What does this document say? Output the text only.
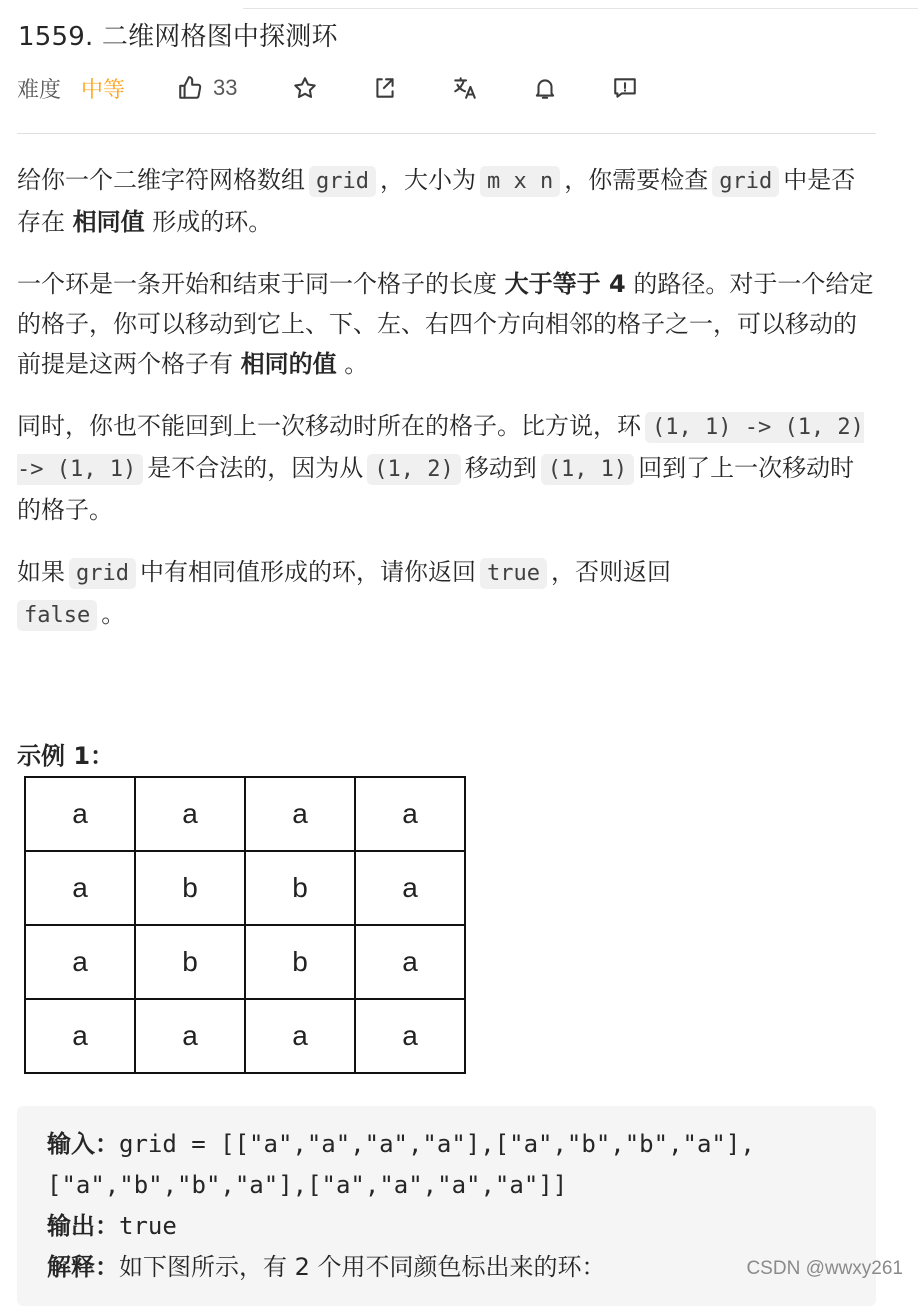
1559. 二维网格图中探测环
难度 中等	33

给你一个二维字符网格数组 grid ，大小为 m x n ，你需要检查 grid 中是否存在 相同值 形成的环。

一个环是一条开始和结束于同一个格子的长度 大于等于 4 的路径。对于一个给定的格子，你可以移动到它上、下、左、右四个方向相邻的格子之一，可以移动的前提是这两个格子有 相同的值 。

同时，你也不能回到上一次移动时所在的格子。比方说，环 (1, 1) -> (1, 2) -> (1, 1) 是不合法的，因为从 (1, 2) 移动到 (1, 1) 回到了上一次移动时的格子。

如果 grid 中有相同值形成的环，请你返回 true ，否则返回
false 。

示例 1：
a	a	a	a
a	b	b	a
a	b	b	a
a	a	a	a
输入：grid = [["a","a","a","a"],["a","b","b","a"],
["a","b","b","a"],["a","a","a","a"]]
输出：true
解释：如下图所示，有 2 个用不同颜色标出来的环：	CSDN @wwxy261
